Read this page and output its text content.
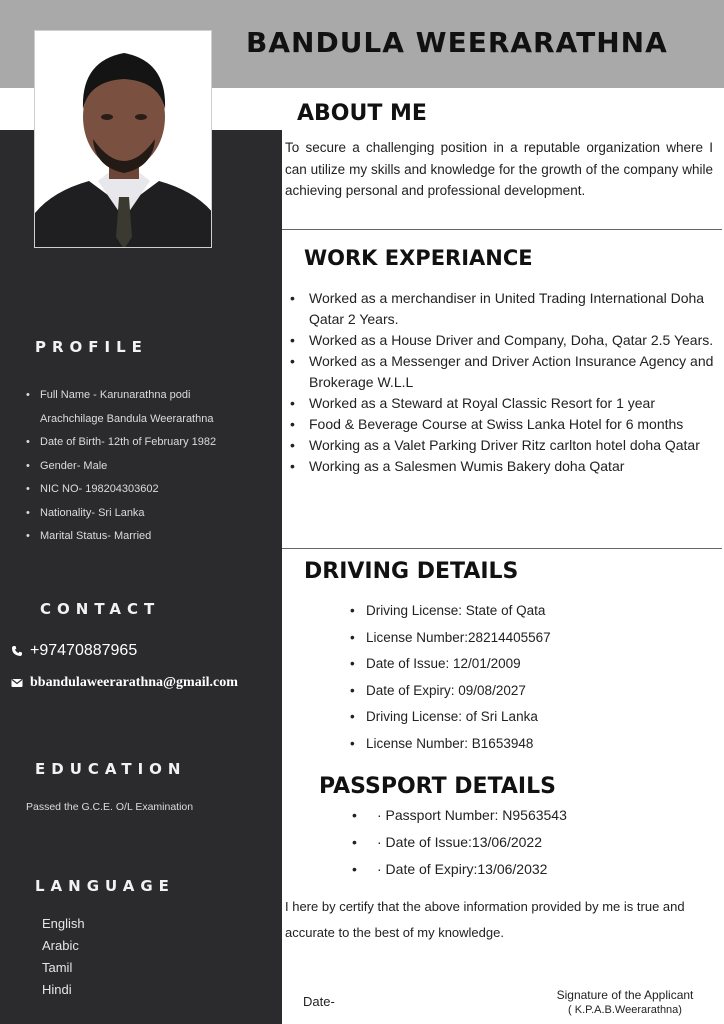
BANDULA WEERARATHNA
PROFILE
• Full Name - Karunarathna podi
Arachchilage Bandula Weerarathna
• Date of Birth- 12th of February 1982
• Gender- Male
• NIC NO- 198204303602
• Nationality- Sri Lanka
• Marital Status- Married
CONTACT
+97470887965
bbandulaweerarathna@gmail.com
EDUCATION
Passed the G.C.E. O/L Examination
LANGUAGE
English
Arabic
Tamil
Hindi
ABOUT ME
To secure a challenging position in a reputable organization where I can utilize my skills and knowledge for the growth of the company while achieving personal and professional development.
WORK EXPERIANCE
• Worked as a merchandiser in United Trading International Doha Qatar 2 Years.
• Worked as a House Driver and Company, Doha, Qatar 2.5 Years.
• Worked as a Messenger and Driver Action Insurance Agency and Brokerage W.L.L
• Worked as a Steward at Royal Classic Resort for 1 year
• Food & Beverage Course at Swiss Lanka Hotel for 6 months
• Working as a Valet Parking Driver Ritz carlton hotel doha Qatar
• Working as a Salesmen Wumis Bakery doha Qatar
DRIVING DETAILS
• Driving License: State of Qata
• License Number:28214405567
• Date of Issue: 12/01/2009
• Date of Expiry: 09/08/2027
• Driving License: of Sri Lanka
• License Number: B1653948
PASSPORT DETAILS
• · Passport Number: N9563543
• · Date of Issue:13/06/2022
• · Date of Expiry:13/06/2032
I here by certify that the above information provided by me is true and accurate to the best of my knowledge.
Date-	Signature of the Applicant
( K.P.A.B.Weerarathna)
